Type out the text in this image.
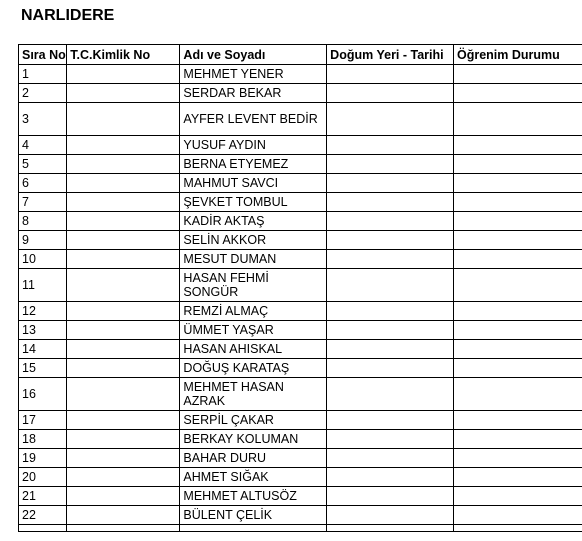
NARLIDERE
Sıra No	T.C.Kimlik No	Adı ve Soyadı	Doğum Yeri - Tarihi	Öğrenim Durumu
1		MEHMET YENER		
2		SERDAR BEKAR		
3		AYFER LEVENT BEDİR		
4		YUSUF AYDIN		
5		BERNA ETYEMEZ		
6		MAHMUT SAVCI		
7		ŞEVKET TOMBUL		
8		KADİR AKTAŞ		
9		SELİN AKKOR		
10		MESUT DUMAN		
11		HASAN FEHMİ SONGÜR		
12		REMZİ ALMAÇ		
13		ÜMMET YAŞAR		
14		HASAN AHISKAL		
15		DOĞUŞ KARATAŞ		
16		MEHMET HASAN AZRAK		
17		SERPİL ÇAKAR		
18		BERKAY KOLUMAN		
19		BAHAR DURU		
20		AHMET SIĞAK		
21		MEHMET ALTUSÖZ		
22		BÜLENT ÇELİK		
